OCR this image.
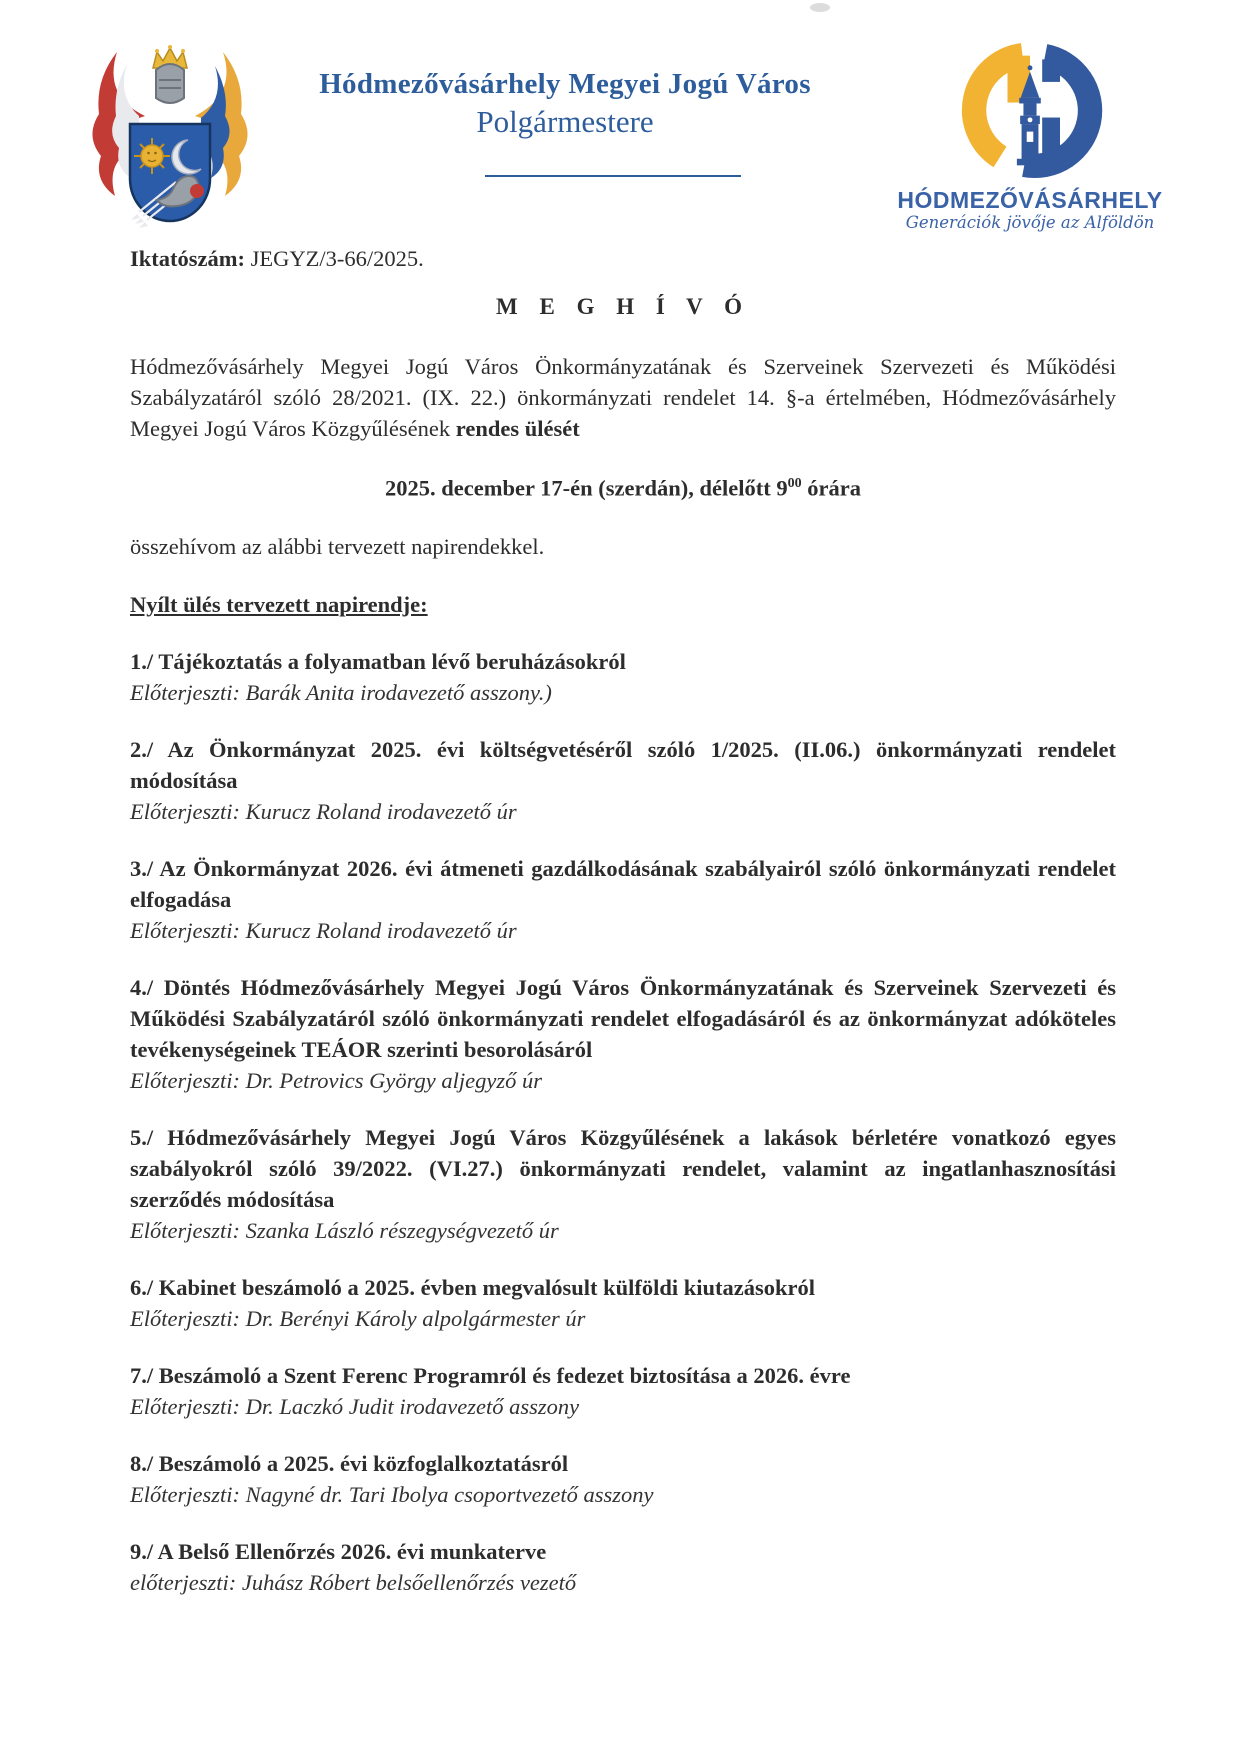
Hódmezővásárhely Megyei Jogú Város
Polgármestere
HÓDMEZŐVÁSÁRHELY
Generációk jövője az Alföldön

Iktatószám: JEGYZ/3-66/2025.

M E G H Í V Ó

Hódmezővásárhely Megyei Jogú Város Önkormányzatának és Szerveinek Szervezeti és Működési Szabályzatáról szóló 28/2021. (IX. 22.) önkormányzati rendelet 14. §-a értelmében, Hódmezővásárhely Megyei Jogú Város Közgyűlésének rendes ülését

2025. december 17-én (szerdán), délelőtt $9^{00}$ órára

összehívom az alábbi tervezett napirendekkel.

Nyílt ülés tervezett napirendje:

1./ Tájékoztatás a folyamatban lévő beruházásokról

Előterjeszti: Barák Anita irodavezető asszony.)

2./ Az Önkormányzat 2025. évi költségvetéséről szóló 1/2025. (II.06.) önkormányzati rendelet módosítása

Előterjeszti: Kurucz Roland irodavezető úr

3./ Az Önkormányzat 2026. évi átmeneti gazdálkodásának szabályairól szóló önkormányzati rendelet elfogadása

Előterjeszti: Kurucz Roland irodavezető úr

4./ Döntés Hódmezővásárhely Megyei Jogú Város Önkormányzatának és Szerveinek Szervezeti és Működési Szabályzatáról szóló önkormányzati rendelet elfogadásáról és az önkormányzat adóköteles tevékenységeinek TEÁOR szerinti besorolásáról

Előterjeszti: Dr. Petrovics György aljegyző úr

5./ Hódmezővásárhely Megyei Jogú Város Közgyűlésének a lakások bérletére vonatkozó egyes szabályokról szóló 39/2022. (VI.27.) önkormányzati rendelet, valamint az ingatlanhasznosítási szerződés módosítása

Előterjeszti: Szanka László részegységvezető úr

6./ Kabinet beszámoló a 2025. évben megvalósult külföldi kiutazásokról

Előterjeszti: Dr. Berényi Károly alpolgármester úr

7./ Beszámoló a Szent Ferenc Programról és fedezet biztosítása a 2026. évre

Előterjeszti: Dr. Laczkó Judit irodavezető asszony

8./ Beszámoló a 2025. évi közfoglalkoztatásról

Előterjeszti: Nagyné dr. Tari Ibolya csoportvezető asszony

9./ A Belső Ellenőrzés 2026. évi munkaterve

előterjeszti: Juhász Róbert belsőellenőrzés vezető
